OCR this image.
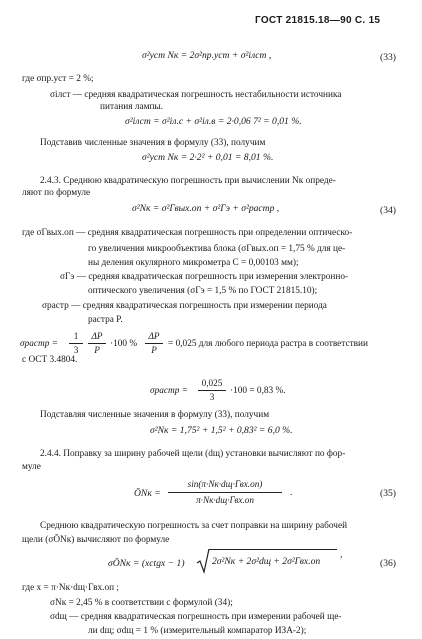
ГОСТ 21815.18—90 С. 15
σ²уст Nк = 2σ²пр.уст + σ²iлст ,	(33)
где σпр.уст = 2 %;
σiлст — средняя квадратическая погрешность нестабильности источника
питания лампы.
σ²iлст = σ²iл.с + σ²iл.в = 2·0,06 7² = 0,01 %.
Подставив численные значения в формулу (33), получим
σ²уст Nк = 2·2² + 0,01 = 8,01 %.
2.4.3. Среднюю квадратическую погрешность при вычислении Nк опреде-
ляют по формуле
σ²Nк = σ²Гвых.оп + σ²Гэ + σ²растр ,	(34)
где σГвых.оп — средняя квадратическая погрешность при определении оптическо-
го увеличения микрообъектива блока (σГвых.оп = 1,75 % для це-
ны деления окулярного микрометра C = 0,00103 мм);
σГэ — средняя квадратическая погрешность при измерения электронно-
оптического увеличения (σГэ = 1,5 % по ГОСТ 21815.10);
σрастр — средняя квадратическая погрешность при измерении периода
растра P.
σрастр =
1
3
ΔP
P
·100 %
ΔP
P
= 0,025 для любого периода растра в соответствии
с ОСТ 3.4804.
σрастр =
0,025
3
·100 = 0,83 %.
Подставляя численные значения в формулу (33), получим
σ²Nк = 1,75² + 1,5² + 0,83² = 6,0 %.
2.4.4. Поправку за ширину рабочей щели (dщ) установки вычисляют по фор-
муле
ŌNк =
sin(π·Nк·dщ·Гвх.оп)
π·Nк·dщ·Гвх.оп
.	(35)
Среднюю квадратическую погрешность за счет поправки на ширину рабочей
щели (σŌNк) вычисляют по формуле
σŌNк = (xctgx − 1)	2σ²Nк + 2σ²dщ + 2σ²Гвх.оп
,
(36)
где x = π·Nк·dщ·Гвх.оп ;
σNк = 2,45 % в соответствии с формулой (34);
σdщ — средняя квадратическая погрешность при измерении рабочей ще-
ли dщ; σdщ = 1 % (измерительный компаратор ИЗА-2);
